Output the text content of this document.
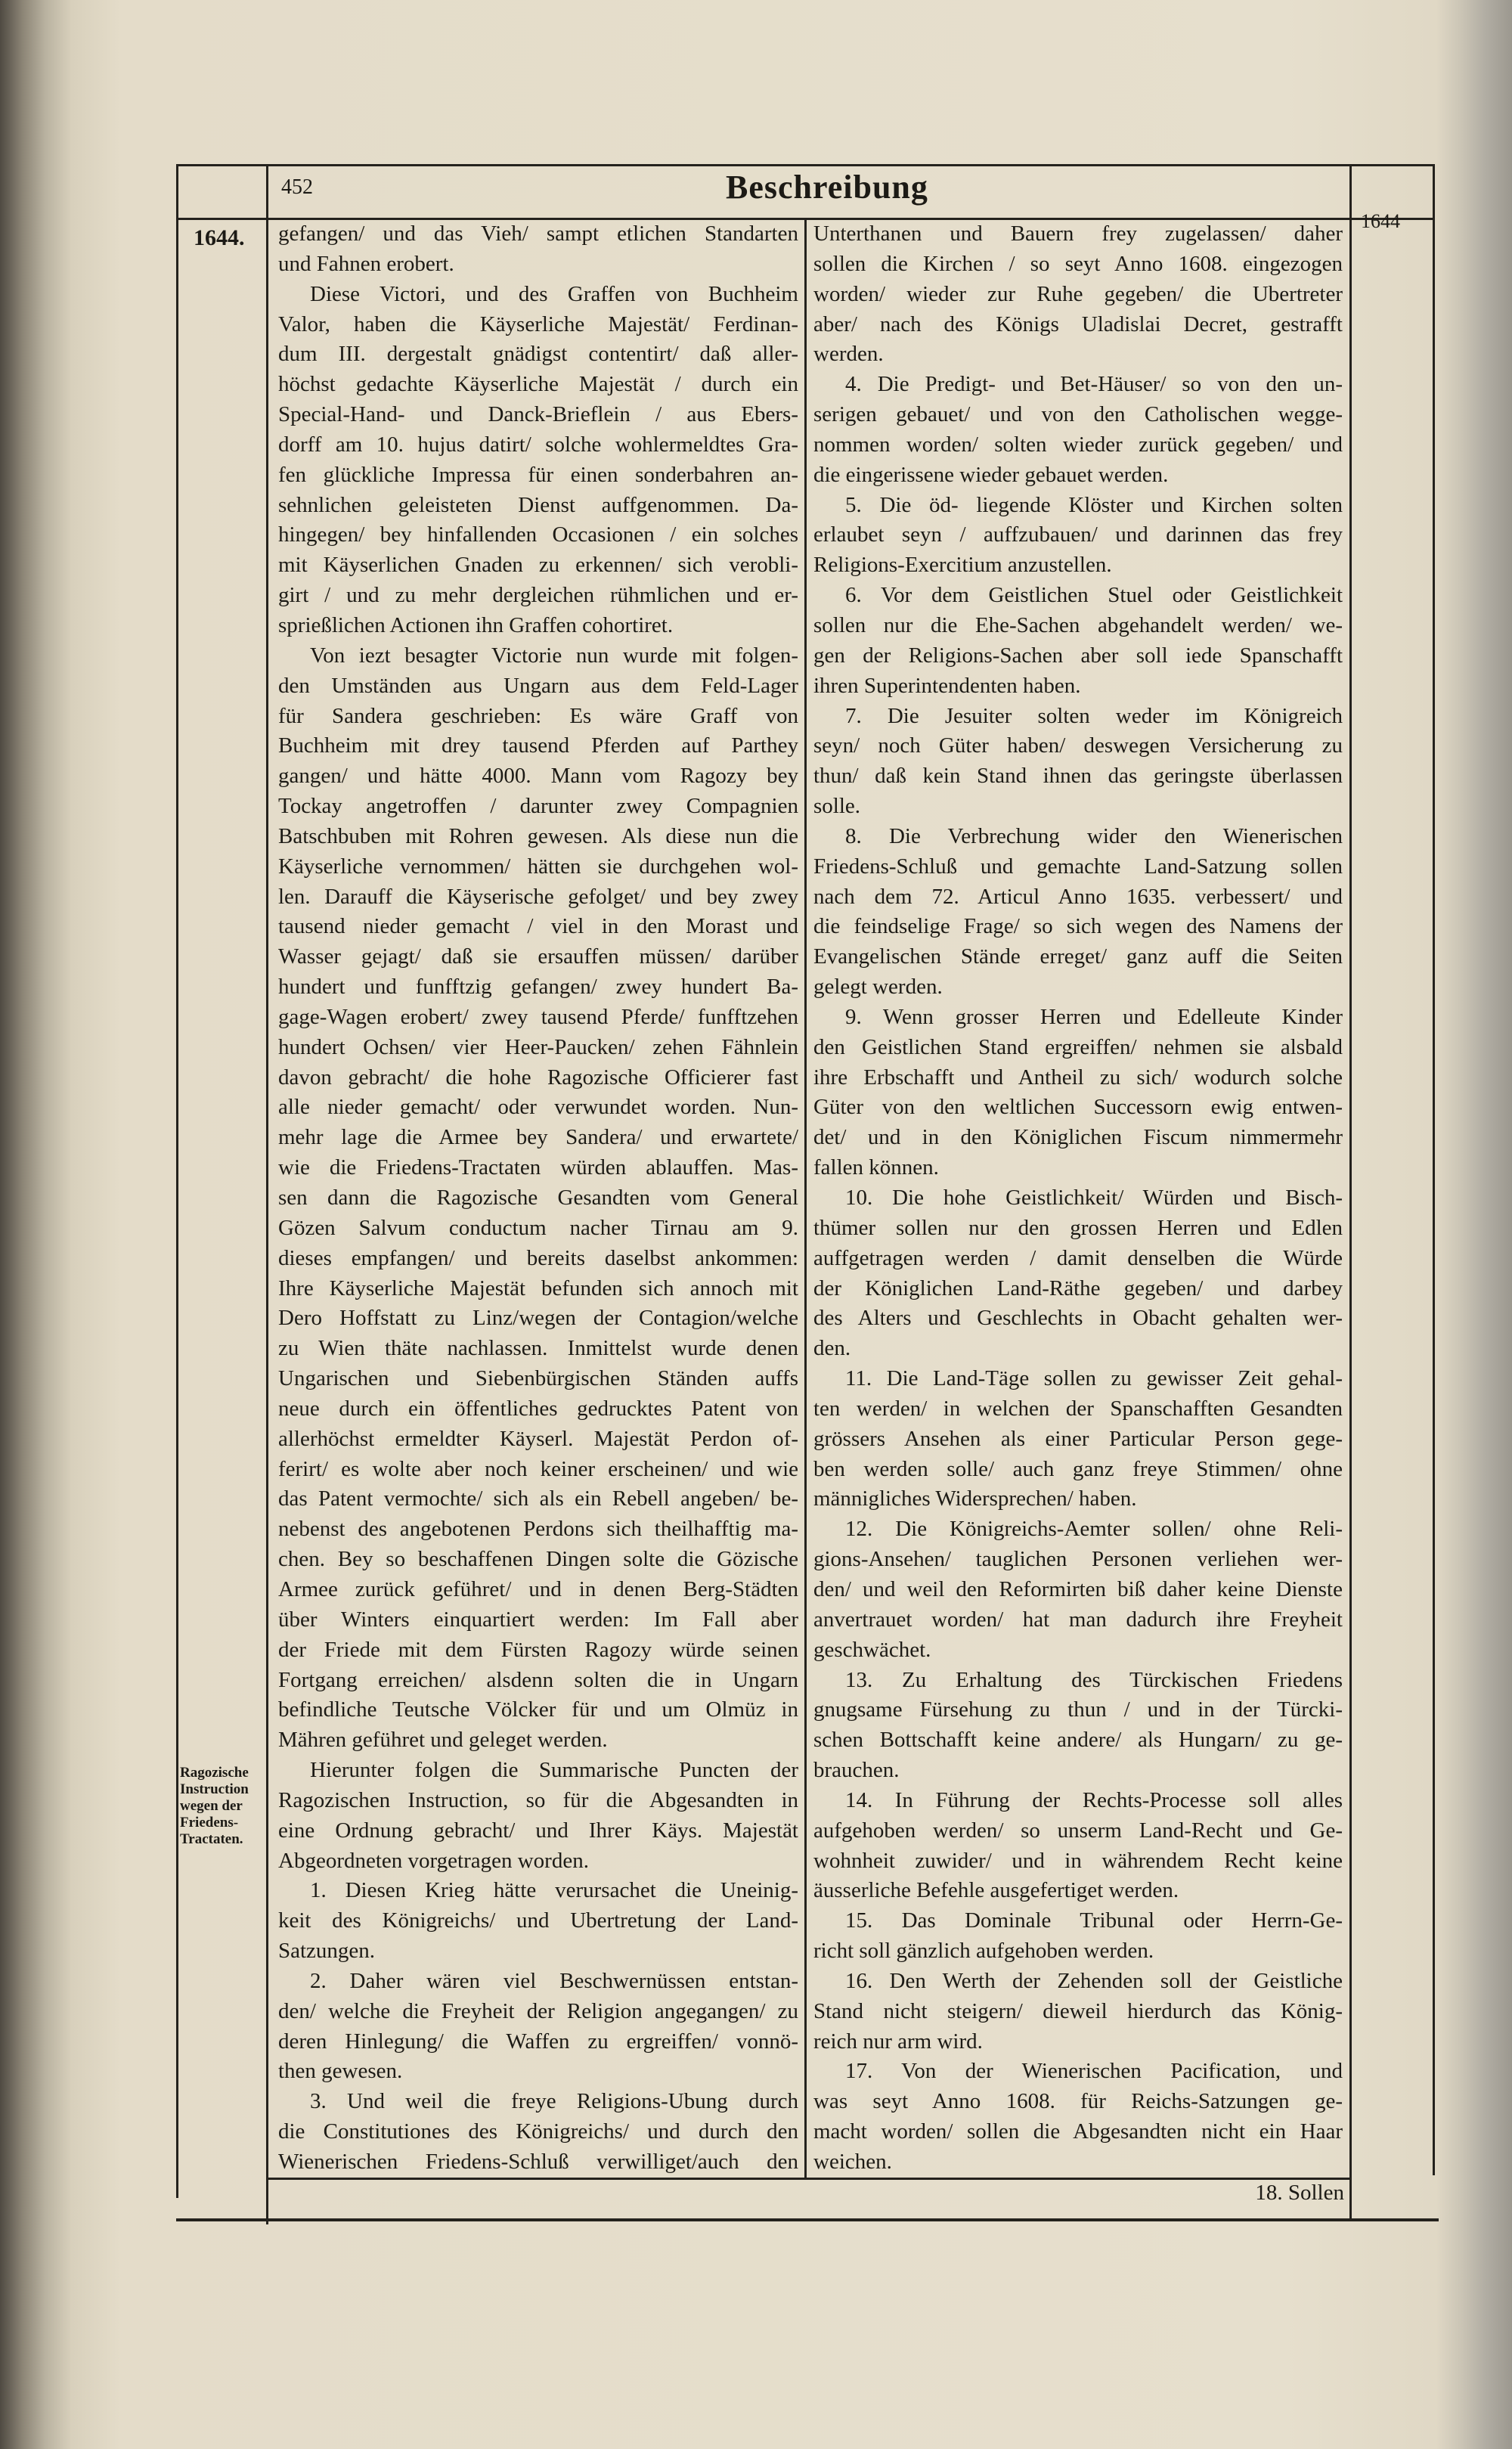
452	Beschreibung
1644.
1644
Ragozische
Instruction
wegen der
Friedens-
Tractaten.
gefangen/ und das Vieh/ sampt etlichen Standarten
und Fahnen erobert.
Diese Victori, und des Graffen von Buchheim
Valor, haben die Käyserliche Majestät/ Ferdinan-
dum III. dergestalt gnädigst contentirt/ daß aller-
höchst gedachte Käyserliche Majestät / durch ein
Special-Hand- und Danck-Brieflein / aus Ebers-
dorff am 10. hujus datirt/ solche wohlermeldtes Gra-
fen glückliche Impressa für einen sonderbahren an-
sehnlichen geleisteten Dienst auffgenommen. Da-
hingegen/ bey hinfallenden Occasionen / ein solches
mit Käyserlichen Gnaden zu erkennen/ sich verobli-
girt / und zu mehr dergleichen rühmlichen und er-
sprießlichen Actionen ihn Graffen cohortiret.
Von iezt besagter Victorie nun wurde mit folgen-
den Umständen aus Ungarn aus dem Feld-Lager
für Sandera geschrieben: Es wäre Graff von
Buchheim mit drey tausend Pferden auf Parthey
gangen/ und hätte 4000. Mann vom Ragozy bey
Tockay angetroffen / darunter zwey Compagnien
Batschbuben mit Rohren gewesen. Als diese nun die
Käyserliche vernommen/ hätten sie durchgehen wol-
len. Darauff die Käyserische gefolget/ und bey zwey
tausend nieder gemacht / viel in den Morast und
Wasser gejagt/ daß sie ersauffen müssen/ darüber
hundert und funfftzig gefangen/ zwey hundert Ba-
gage-Wagen erobert/ zwey tausend Pferde/ funfftzehen
hundert Ochsen/ vier Heer-Paucken/ zehen Fähnlein
davon gebracht/ die hohe Ragozische Officierer fast
alle nieder gemacht/ oder verwundet worden. Nun-
mehr lage die Armee bey Sandera/ und erwartete/
wie die Friedens-Tractaten würden ablauffen. Mas-
sen dann die Ragozische Gesandten vom General
Gözen Salvum conductum nacher Tirnau am 9.
dieses empfangen/ und bereits daselbst ankommen:
Ihre Käyserliche Majestät befunden sich annoch mit
Dero Hoffstatt zu Linz/wegen der Contagion/welche
zu Wien thäte nachlassen. Inmittelst wurde denen
Ungarischen und Siebenbürgischen Ständen auffs
neue durch ein öffentliches gedrucktes Patent von
allerhöchst ermeldter Käyserl. Majestät Perdon of-
ferirt/ es wolte aber noch keiner erscheinen/ und wie
das Patent vermochte/ sich als ein Rebell angeben/ be-
nebenst des angebotenen Perdons sich theilhafftig ma-
chen. Bey so beschaffenen Dingen solte die Gözische
Armee zurück geführet/ und in denen Berg-Städten
über Winters einquartiert werden: Im Fall aber
der Friede mit dem Fürsten Ragozy würde seinen
Fortgang erreichen/ alsdenn solten die in Ungarn
befindliche Teutsche Völcker für und um Olmüz in
Mähren geführet und geleget werden.
Hierunter folgen die Summarische Puncten der
Ragozischen Instruction, so für die Abgesandten in
eine Ordnung gebracht/ und Ihrer Käys. Majestät
Abgeordneten vorgetragen worden.
1. Diesen Krieg hätte verursachet die Uneinig-
keit des Königreichs/ und Ubertretung der Land-
Satzungen.
2. Daher wären viel Beschwernüssen entstan-
den/ welche die Freyheit der Religion angegangen/ zu
deren Hinlegung/ die Waffen zu ergreiffen/ vonnö-
then gewesen.
3. Und weil die freye Religions-Ubung durch
die Constitutiones des Königreichs/ und durch den
Wienerischen Friedens-Schluß verwilliget/auch den
Unterthanen und Bauern frey zugelassen/ daher
sollen die Kirchen / so seyt Anno 1608. eingezogen
worden/ wieder zur Ruhe gegeben/ die Ubertreter
aber/ nach des Königs Uladislai Decret, gestrafft
werden.
4. Die Predigt- und Bet-Häuser/ so von den un-
serigen gebauet/ und von den Catholischen wegge-
nommen worden/ solten wieder zurück gegeben/ und
die eingerissene wieder gebauet werden.
5. Die öd- liegende Klöster und Kirchen solten
erlaubet seyn / auffzubauen/ und darinnen das frey
Religions-Exercitium anzustellen.
6. Vor dem Geistlichen Stuel oder Geistlichkeit
sollen nur die Ehe-Sachen abgehandelt werden/ we-
gen der Religions-Sachen aber soll iede Spanschafft
ihren Superintendenten haben.
7. Die Jesuiter solten weder im Königreich
seyn/ noch Güter haben/ deswegen Versicherung zu
thun/ daß kein Stand ihnen das geringste überlassen
solle.
8. Die Verbrechung wider den Wienerischen
Friedens-Schluß und gemachte Land-Satzung sollen
nach dem 72. Articul Anno 1635. verbessert/ und
die feindselige Frage/ so sich wegen des Namens der
Evangelischen Stände erreget/ ganz auff die Seiten
gelegt werden.
9. Wenn grosser Herren und Edelleute Kinder
den Geistlichen Stand ergreiffen/ nehmen sie alsbald
ihre Erbschafft und Antheil zu sich/ wodurch solche
Güter von den weltlichen Successorn ewig entwen-
det/ und in den Königlichen Fiscum nimmermehr
fallen können.
10. Die hohe Geistlichkeit/ Würden und Bisch-
thümer sollen nur den grossen Herren und Edlen
auffgetragen werden / damit denselben die Würde
der Königlichen Land-Räthe gegeben/ und darbey
des Alters und Geschlechts in Obacht gehalten wer-
den.
11. Die Land-Täge sollen zu gewisser Zeit gehal-
ten werden/ in welchen der Spanschafften Gesandten
grössers Ansehen als einer Particular Person gege-
ben werden solle/ auch ganz freye Stimmen/ ohne
männigliches Widersprechen/ haben.
12. Die Königreichs-Aemter sollen/ ohne Reli-
gions-Ansehen/ tauglichen Personen verliehen wer-
den/ und weil den Reformirten biß daher keine Dienste
anvertrauet worden/ hat man dadurch ihre Freyheit
geschwächet.
13. Zu Erhaltung des Türckischen Friedens
gnugsame Fürsehung zu thun / und in der Türcki-
schen Bottschafft keine andere/ als Hungarn/ zu ge-
brauchen.
14. In Führung der Rechts-Processe soll alles
aufgehoben werden/ so unserm Land-Recht und Ge-
wohnheit zuwider/ und in währendem Recht keine
äusserliche Befehle ausgefertiget werden.
15. Das Dominale Tribunal oder Herrn-Ge-
richt soll gänzlich aufgehoben werden.
16. Den Werth der Zehenden soll der Geistliche
Stand nicht steigern/ dieweil hierdurch das König-
reich nur arm wird.
17. Von der Wienerischen Pacification, und
was seyt Anno 1608. für Reichs-Satzungen ge-
macht worden/ sollen die Abgesandten nicht ein Haar
weichen.
18. Sollen
